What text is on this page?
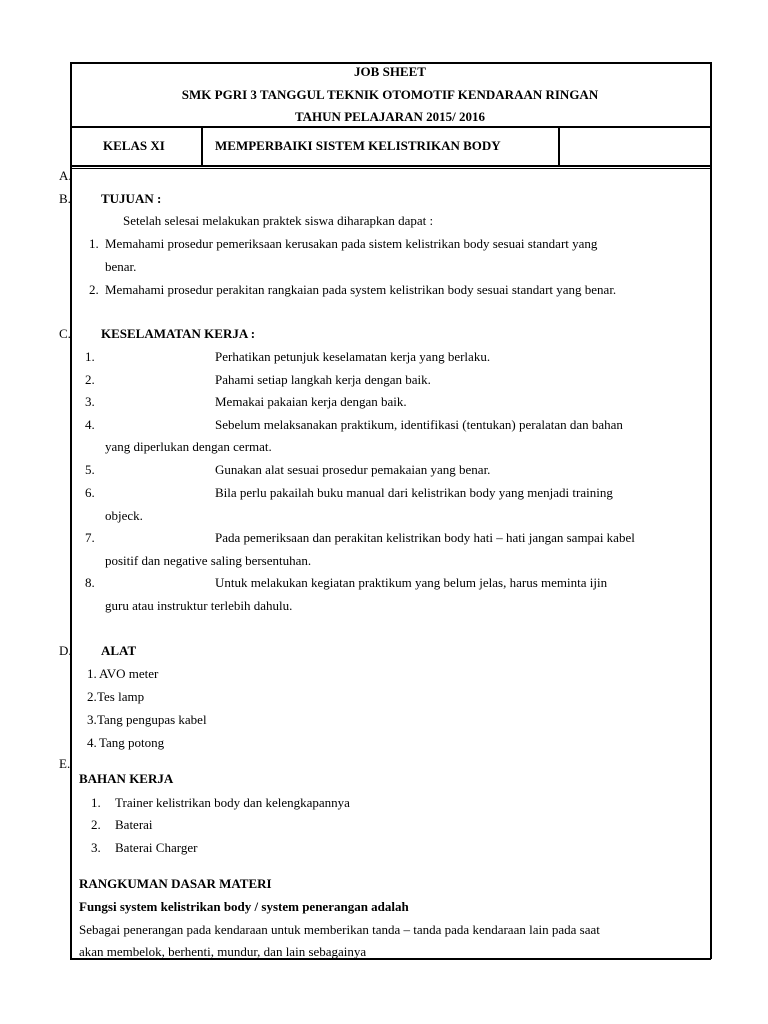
JOB SHEET
SMK PGRI 3 TANGGUL TEKNIK OTOMOTIF KENDARAAN RINGAN
TAHUN PELAJARAN 2015/ 2016
KELAS XI	MEMPERBAIKI SISTEM KELISTRIKAN BODY
A.
B.
C.
D.
E.
TUJUAN :
Setelah selesai melakukan praktek siswa diharapkan dapat :
1. Memahami prosedur pemeriksaan kerusakan pada sistem kelistrikan body sesuai standart yang
benar.
2. Memahami prosedur perakitan rangkaian pada system kelistrikan body sesuai standart yang benar.
KESELAMATAN KERJA :
1.	Perhatikan petunjuk keselamatan kerja yang berlaku.
2.	Pahami setiap langkah kerja dengan baik.
3.	Memakai pakaian kerja dengan baik.
4.	Sebelum melaksanakan praktikum, identifikasi (tentukan) peralatan dan bahan
yang diperlukan dengan cermat.
5.	Gunakan alat sesuai prosedur pemakaian yang benar.
6.	Bila perlu pakailah buku manual dari kelistrikan body yang menjadi training
objeck.
7.	Pada pemeriksaan dan perakitan kelistrikan body hati – hati jangan sampai kabel
positif dan negative saling bersentuhan.
8.	Untuk melakukan kegiatan praktikum yang belum jelas, harus meminta ijin
guru atau instruktur terlebih dahulu.
ALAT
1. AVO meter
2. Tes lamp
3. Tang pengupas kabel
4. Tang potong
BAHAN KERJA
1. Trainer kelistrikan body dan kelengkapannya
2. Baterai
3. Baterai Charger
RANGKUMAN DASAR MATERI
Fungsi system kelistrikan body / system penerangan adalah
Sebagai penerangan pada kendaraan untuk memberikan tanda – tanda pada kendaraan lain pada saat
akan membelok, berhenti, mundur, dan lain sebagainya
